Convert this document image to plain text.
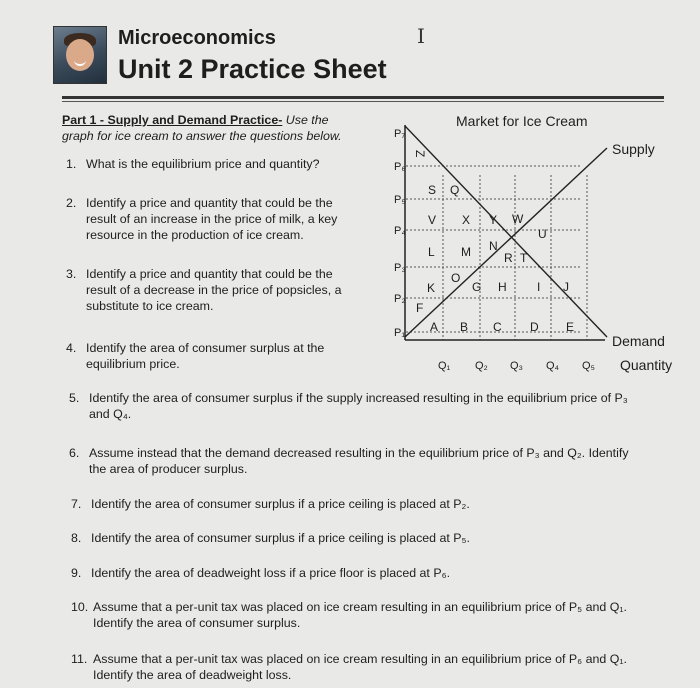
Microeconomics
Unit 2 Practice Sheet
I
Part 1 - Supply and Demand Practice- Use the
graph for ice cream to answer the questions below.
1. What is the equilibrium price and quantity?
2. Identify a price and quantity that could be the
result of an increase in the price of milk, a key
resource in the production of ice cream.
3. Identify a price and quantity that could be the
result of a decrease in the price of popsicles, a
substitute to ice cream.
4. Identify the area of consumer surplus at the
equilibrium price.
5. Identify the area of consumer surplus if the supply increased resulting in the equilibrium price of P₃
and Q₄.
6. Assume instead that the demand decreased resulting in the equilibrium price of P₃ and Q₂. Identify
the area of producer surplus.
7. Identify the area of consumer surplus if a price ceiling is placed at P₂.
8. Identify the area of consumer surplus if a price ceiling is placed at P₅.
9. Identify the area of deadweight loss if a price floor is placed at P₆.
10. Assume that a per-unit tax was placed on ice cream resulting in an equilibrium price of P₅ and Q₁.
Identify the area of consumer surplus.
11. Assume that a per-unit tax was placed on ice cream resulting in an equilibrium price of P₆ and Q₁.
Identify the area of deadweight loss.
Market for Ice Cream
Supply
Demand
Quantity
P₁
P₂
P₃
P₄
P₅
P₆
P₇
Q₁ Q₂ Q₃ Q₄ Q₅
Z
S Q
V X Y W
U
L M N
R T
O
K	G H	I J
F
A B C D E
